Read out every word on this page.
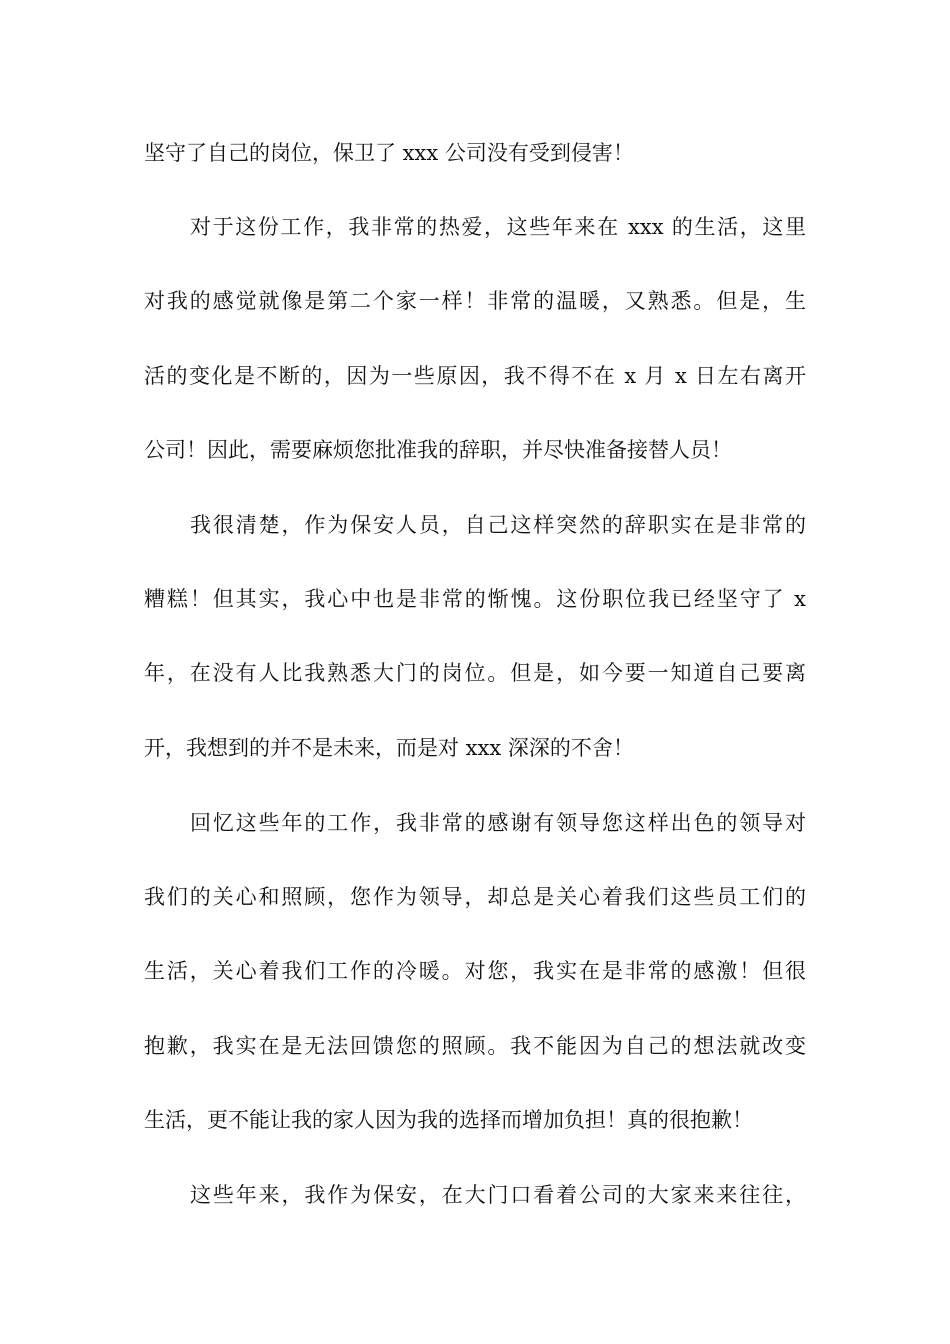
坚守了自己的岗位，保卫了 xxx 公司没有受到侵害！
对于这份工作，我非常的热爱，这些年来在 xxx 的生活，这里
对我的感觉就像是第二个家一样！非常的温暖，又熟悉。但是，生
活的变化是不断的，因为一些原因，我不得不在 x 月 x 日左右离开
公司！因此，需要麻烦您批准我的辞职，并尽快准备接替人员！
我很清楚，作为保安人员，自己这样突然的辞职实在是非常的
糟糕！但其实，我心中也是非常的惭愧。这份职位我已经坚守了 x
年，在没有人比我熟悉大门的岗位。但是，如今要一知道自己要离
开，我想到的并不是未来，而是对 xxx 深深的不舍！
回忆这些年的工作，我非常的感谢有领导您这样出色的领导对
我们的关心和照顾，您作为领导，却总是关心着我们这些员工们的
生活，关心着我们工作的冷暖。对您，我实在是非常的感激！但很
抱歉，我实在是无法回馈您的照顾。我不能因为自己的想法就改变
生活，更不能让我的家人因为我的选择而增加负担！真的很抱歉！
这些年来，我作为保安，在大门口看着公司的大家来来往往，
